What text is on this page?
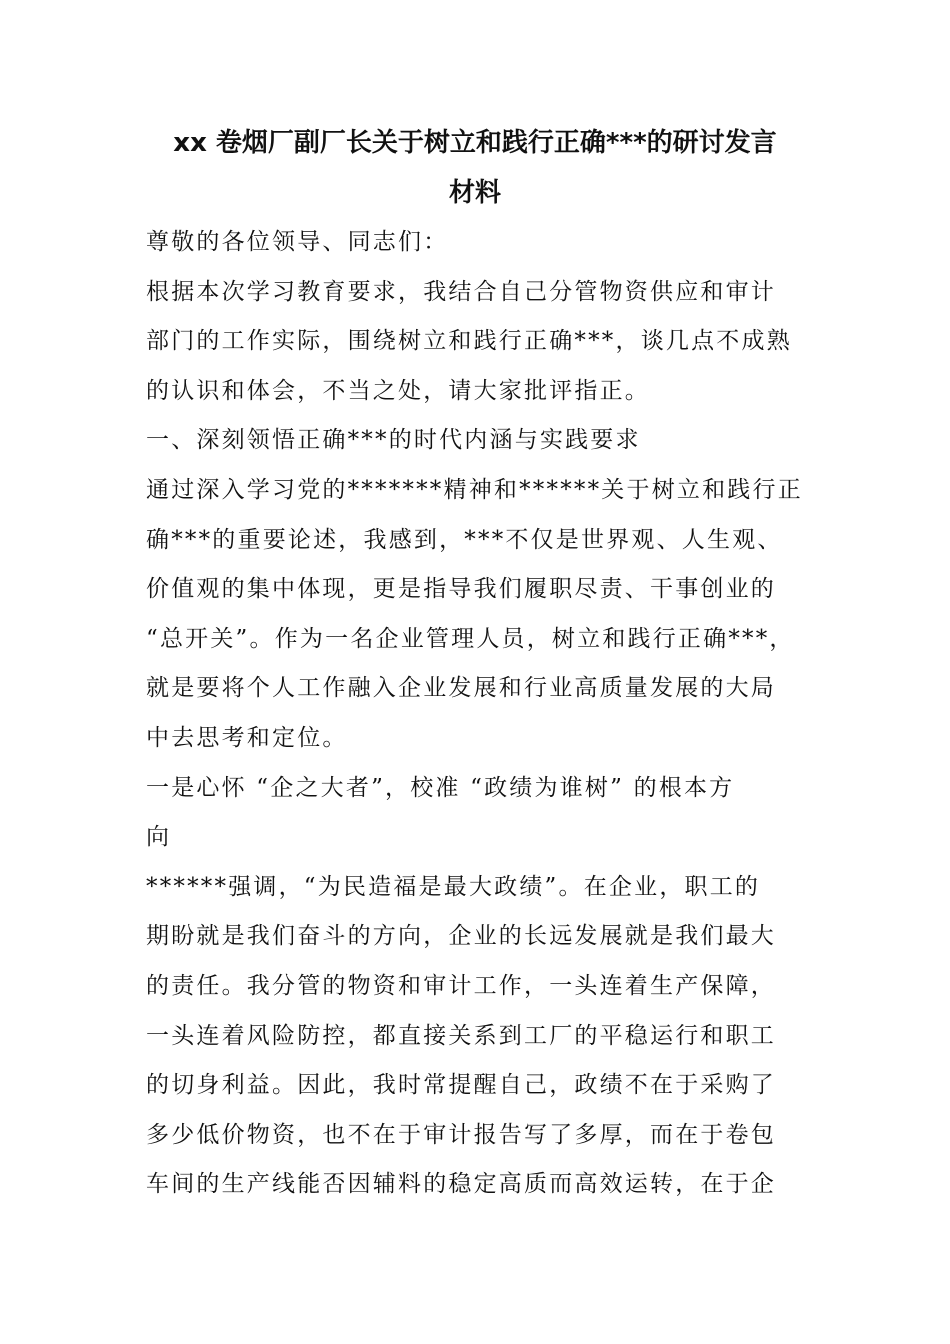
xx 卷烟厂副厂长关于树立和践行正确***的研讨发言
材料
尊敬的各位领导、同志们：
根据本次学习教育要求，我结合自己分管物资供应和审计
部门的工作实际，围绕树立和践行正确***，谈几点不成熟
的认识和体会，不当之处，请大家批评指正。
一、深刻领悟正确***的时代内涵与实践要求
通过深入学习党的*******精神和******关于树立和践行正
确***的重要论述，我感到，***不仅是世界观、人生观、
价值观的集中体现，更是指导我们履职尽责、干事创业的
“总开关”。作为一名企业管理人员，树立和践行正确***，
就是要将个人工作融入企业发展和行业高质量发展的大局
中去思考和定位。
一是心怀 “企之大者”，校准 “政绩为谁树” 的根本方
向
******强调，“为民造福是最大政绩”。在企业，职工的
期盼就是我们奋斗的方向，企业的长远发展就是我们最大
的责任。我分管的物资和审计工作，一头连着生产保障，
一头连着风险防控，都直接关系到工厂的平稳运行和职工
的切身利益。因此，我时常提醒自己，政绩不在于采购了
多少低价物资，也不在于审计报告写了多厚，而在于卷包
车间的生产线能否因辅料的稳定高质而高效运转，在于企
